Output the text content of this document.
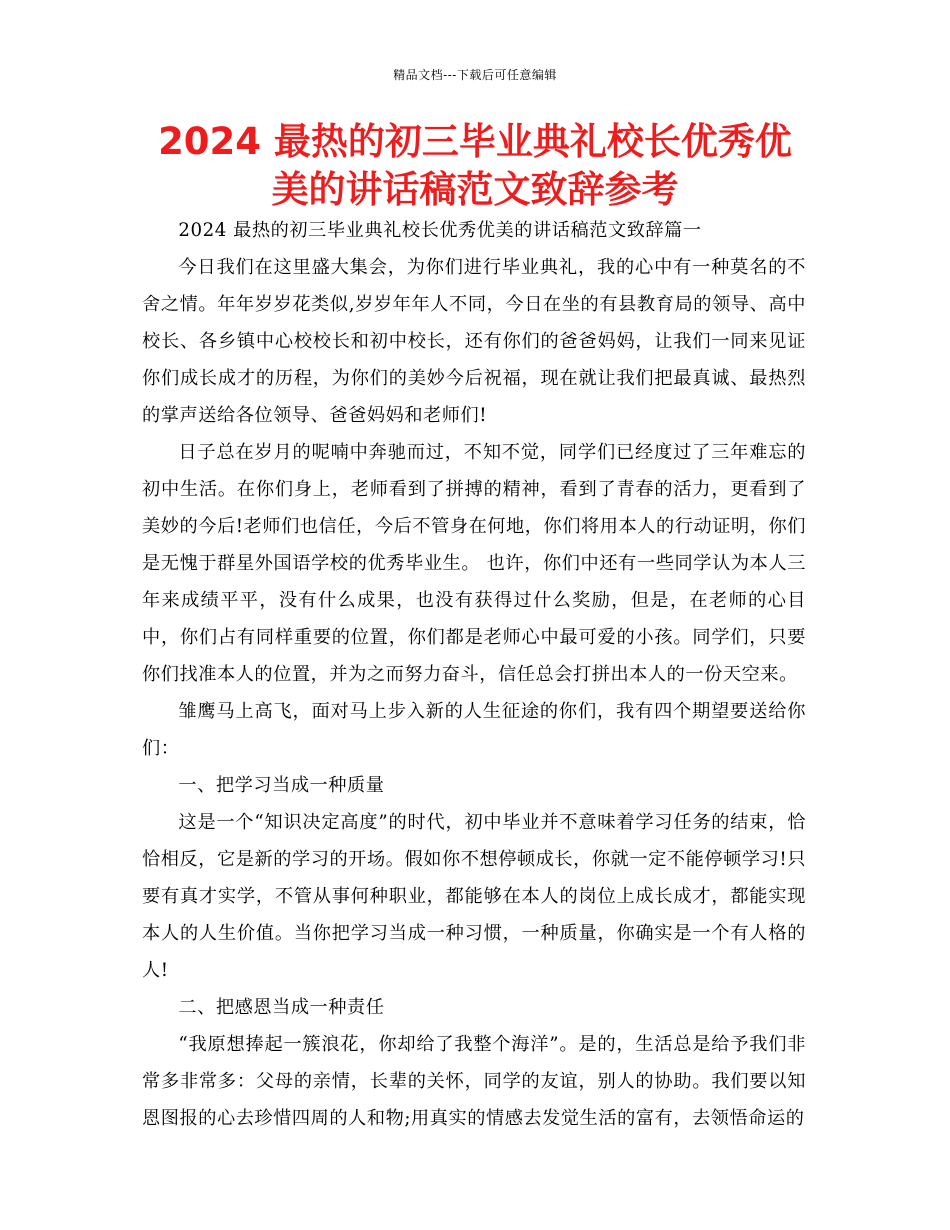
精品文档---下载后可任意编辑
2024 最热的初三毕业典礼校长优秀优美的讲话稿范文致辞参考

2024 最热的初三毕业典礼校长优秀优美的讲话稿范文致辞篇一

今日我们在这里盛大集会，为你们进行毕业典礼，我的心中有一种莫名的不舍之情。年年岁岁花类似,岁岁年年人不同，今日在坐的有县教育局的领导、高中校长、各乡镇中心校校长和初中校长，还有你们的爸爸妈妈，让我们一同来见证你们成长成才的历程，为你们的美妙今后祝福，现在就让我们把最真诚、最热烈的掌声送给各位领导、爸爸妈妈和老师们!

日子总在岁月的呢喃中奔驰而过，不知不觉，同学们已经度过了三年难忘的初中生活。在你们身上，老师看到了拼搏的精神，看到了青春的活力，更看到了美妙的今后!老师们也信任，今后不管身在何地，你们将用本人的行动证明，你们是无愧于群星外国语学校的优秀毕业生。 也许，你们中还有一些同学认为本人三年来成绩平平，没有什么成果，也没有获得过什么奖励，但是，在老师的心目中，你们占有同样重要的位置，你们都是老师心中最可爱的小孩。同学们，只要你们找准本人的位置，并为之而努力奋斗，信任总会打拼出本人的一份天空来。

雏鹰马上高飞，面对马上步入新的人生征途的你们，我有四个期望要送给你们：

一、把学习当成一种质量

这是一个“知识决定高度”的时代，初中毕业并不意味着学习任务的结束，恰恰相反，它是新的学习的开场。假如你不想停顿成长，你就一定不能停顿学习!只要有真才实学，不管从事何种职业，都能够在本人的岗位上成长成才，都能实现本人的人生价值。当你把学习当成一种习惯，一种质量，你确实是一个有人格的人!

二、把感恩当成一种责任

“我原想捧起一簇浪花，你却给了我整个海洋”。是的，生活总是给予我们非常多非常多：父母的亲情，长辈的关怀，同学的友谊，别人的协助。我们要以知恩图报的心去珍惜四周的人和物;用真实的情感去发觉生活的富有，去领悟命运的
